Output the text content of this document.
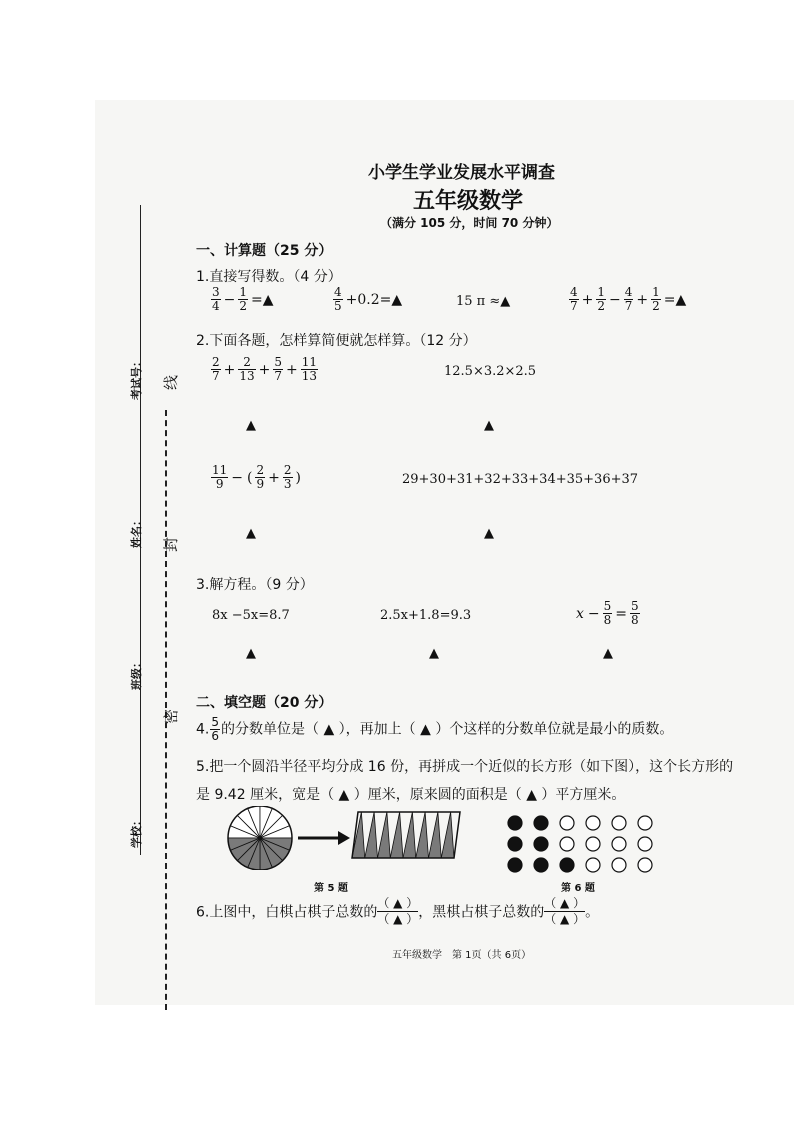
考试号：
姓名：
班级：
学校：
线
封
密
小学生学业发展水平调查
五年级数学
（满分 105 分，时间 70 分钟）
一、计算题（25 分）
1.直接写得数。（4 分）
$\frac{3}{4} - \frac{1}{2}$ =▲	$\frac{4}{5}$ +0.2=▲	15 π ≈▲	$\frac{4}{7} + \frac{1}{2} - \frac{4}{7} + \frac{1}{2}$ =▲
2.下面各题，怎样算简便就怎样算。（12 分）
$\frac{2}{7} + \frac{2}{13} + \frac{5}{7} + \frac{11}{13}$	12.5×3.2×2.5
▲	▲
$\frac{11}{9}$ − ( $\frac{2}{9} + \frac{2}{3}$ )	29+30+31+32+33+34+35+36+37
▲	▲
3.解方程。（9 分）
8x −5x=8.7	2.5x+1.8=9.3	$x - \frac{5}{8} = \frac{5}{8}$
▲	▲	▲
二、填空题（20 分）
4. $\frac{5}{6}$ 的分数单位是（ ▲ ），再加上（ ▲ ）个这样的分数单位就是最小的质数。
5.把一个圆沿半径平均分成 16 份，再拼成一个近似的长方形（如下图），这个长方形的
是 9.42 厘米，宽是（ ▲ ）厘米，原来圆的面积是（ ▲ ）平方厘米。
第 5 题	第 6 题
6.上图中，白棋占棋子总数的
（ ▲ ）
（ ▲ ） ，黑棋占棋子总数的
（ ▲ ）
（ ▲ ） 。
五年级数学　第 1页（共 6页）
